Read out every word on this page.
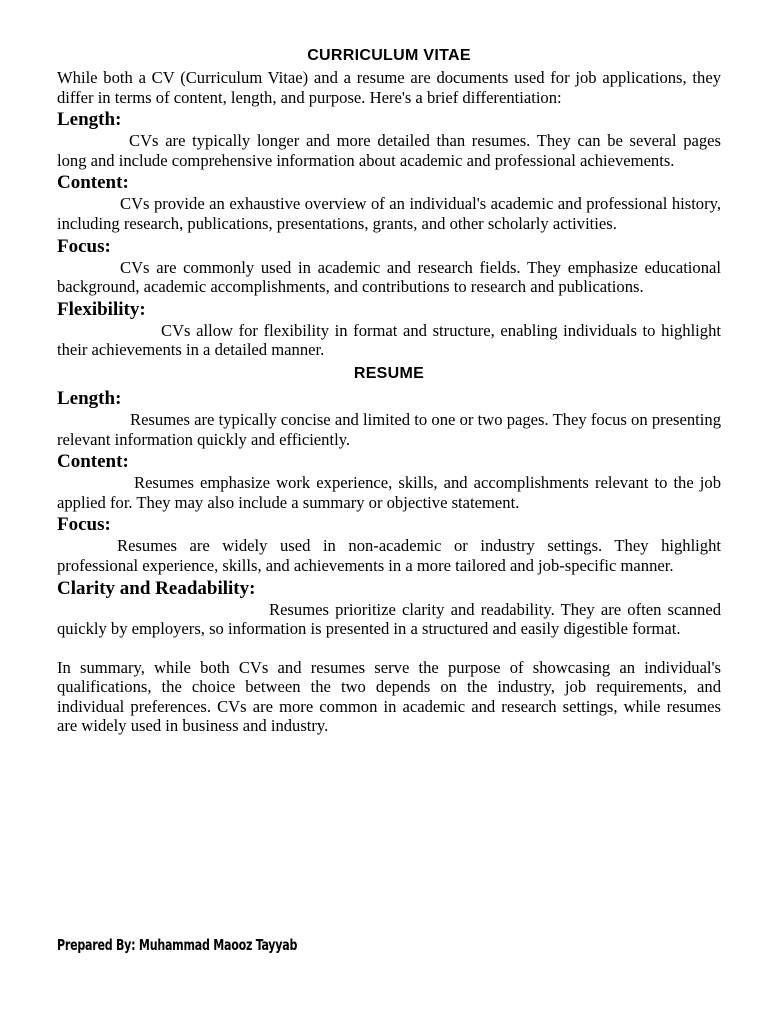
CURRICULUM VITAE

While both a CV (Curriculum Vitae) and a resume are documents used for job applications, they differ in terms of content, length, and purpose. Here's a brief differentiation:

Length:

CVs are typically longer and more detailed than resumes. They can be several pages long and include comprehensive information about academic and professional achievements.

Content:

CVs provide an exhaustive overview of an individual's academic and professional history, including research, publications, presentations, grants, and other scholarly activities.

Focus:

CVs are commonly used in academic and research fields. They emphasize educational background, academic accomplishments, and contributions to research and publications.

Flexibility:

CVs allow for flexibility in format and structure, enabling individuals to highlight their achievements in a detailed manner.

RESUME
Length:

Resumes are typically concise and limited to one or two pages. They focus on presenting relevant information quickly and efficiently.

Content:

Resumes emphasize work experience, skills, and accomplishments relevant to the job applied for. They may also include a summary or objective statement.

Focus:

Resumes are widely used in non-academic or industry settings. They highlight professional experience, skills, and achievements in a more tailored and job-specific manner.

Clarity and Readability:

Resumes prioritize clarity and readability. They are often scanned quickly by employers, so information is presented in a structured and easily digestible format.

In summary, while both CVs and resumes serve the purpose of showcasing an individual's qualifications, the choice between the two depends on the industry, job requirements, and individual preferences. CVs are more common in academic and research settings, while resumes are widely used in business and industry.

Prepared By: Muhammad Maooz Tayyab
